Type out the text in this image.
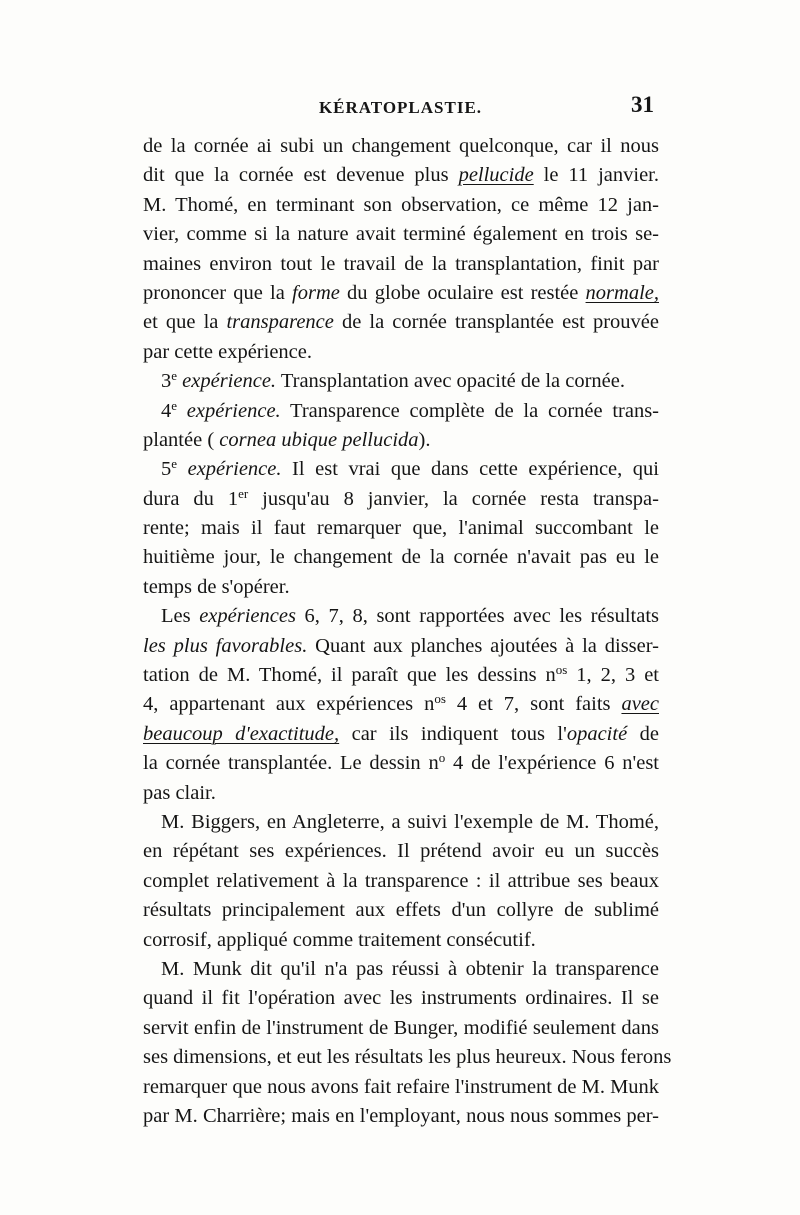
KÉRATOPLASTIE.	31
de la cornée ai subi un changement quelconque, car il nous
dit que la cornée est devenue plus pellucide le 11 janvier.
M. Thomé, en terminant son observation, ce même 12 jan-
vier, comme si la nature avait terminé également en trois se-
maines environ tout le travail de la transplantation, finit par
prononcer que la forme du globe oculaire est restée normale,
et que la transparence de la cornée transplantée est prouvée
par cette expérience.
3e expérience. Transplantation avec opacité de la cornée.
4e expérience. Transparence complète de la cornée trans-
plantée ( cornea ubique pellucida).
5e expérience. Il est vrai que dans cette expérience, qui
dura du 1er jusqu'au 8 janvier, la cornée resta transpa-
rente; mais il faut remarquer que, l'animal succombant le
huitième jour, le changement de la cornée n'avait pas eu le
temps de s'opérer.
Les expériences 6, 7, 8, sont rapportées avec les résultats
les plus favorables. Quant aux planches ajoutées à la disser-
tation de M. Thomé, il paraît que les dessins $n^{os}$ 1, 2, 3 et
4, appartenant aux expériences $n^{os}$ 4 et 7, sont faits avec
beaucoup d'exactitude, car ils indiquent tous l'opacité de
la cornée transplantée. Le dessin $n^o$ 4 de l'expérience 6 n'est
pas clair.
M. Biggers, en Angleterre, a suivi l'exemple de M. Thomé,
en répétant ses expériences. Il prétend avoir eu un succès
complet relativement à la transparence : il attribue ses beaux
résultats principalement aux effets d'un collyre de sublimé
corrosif, appliqué comme traitement consécutif.
M. Munk dit qu'il n'a pas réussi à obtenir la transparence
quand il fit l'opération avec les instruments ordinaires. Il se
servit enfin de l'instrument de Bunger, modifié seulement dans
ses dimensions, et eut les résultats les plus heureux. Nous ferons
remarquer que nous avons fait refaire l'instrument de M. Munk
par M. Charrière; mais en l'employant, nous nous sommes per-
